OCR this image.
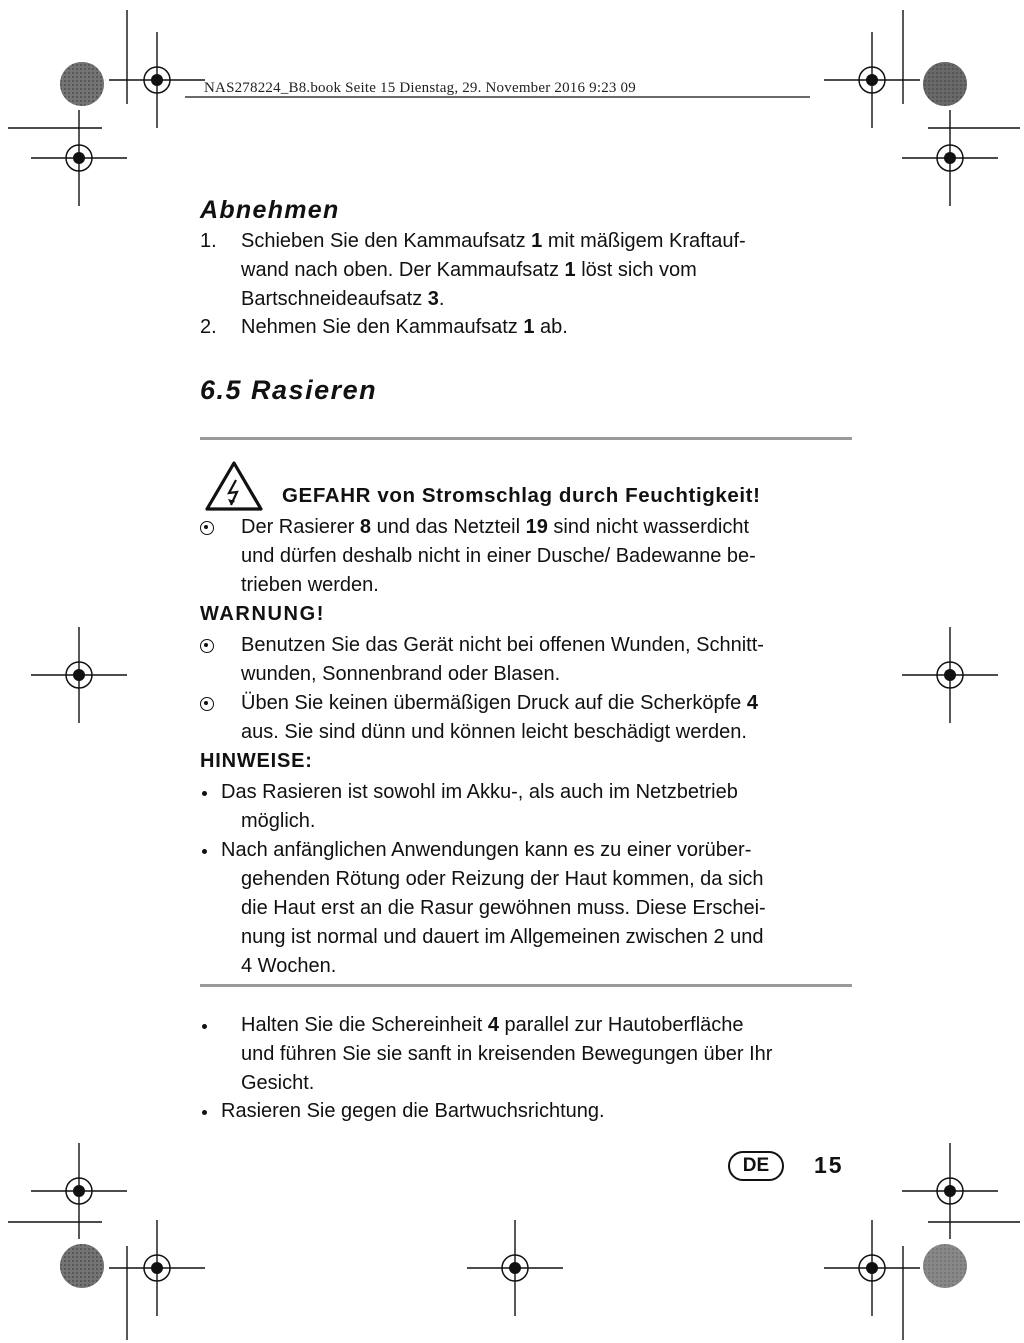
NAS278224_B8.book Seite 15 Dienstag, 29. November 2016 9:23 09
Abnehmen
1. Schieben Sie den Kammaufsatz 1 mit mäßigem Kraftauf-
wand nach oben. Der Kammaufsatz 1 löst sich vom
Bartschneideaufsatz 3.
2. Nehmen Sie den Kammaufsatz 1 ab.
6.5 Rasieren
GEFAHR von Stromschlag durch Feuchtigkeit!
Der Rasierer 8 und das Netzteil 19 sind nicht wasserdicht
und dürfen deshalb nicht in einer Dusche/ Badewanne be-
trieben werden.
WARNUNG!
Benutzen Sie das Gerät nicht bei offenen Wunden, Schnitt-
wunden, Sonnenbrand oder Blasen.
Üben Sie keinen übermäßigen Druck auf die Scherköpfe 4
aus. Sie sind dünn und können leicht beschädigt werden.
HINWEISE:
Das Rasieren ist sowohl im Akku-, als auch im Netzbetrieb
möglich.
Nach anfänglichen Anwendungen kann es zu einer vorüber-
gehenden Rötung oder Reizung der Haut kommen, da sich
die Haut erst an die Rasur gewöhnen muss. Diese Erschei-
nung ist normal und dauert im Allgemeinen zwischen 2 und
4 Wochen.
Halten Sie die Schereinheit 4 parallel zur Hautoberfläche
und führen Sie sie sanft in kreisenden Bewegungen über Ihr
Gesicht.
Rasieren Sie gegen die Bartwuchsrichtung.
DE	15
